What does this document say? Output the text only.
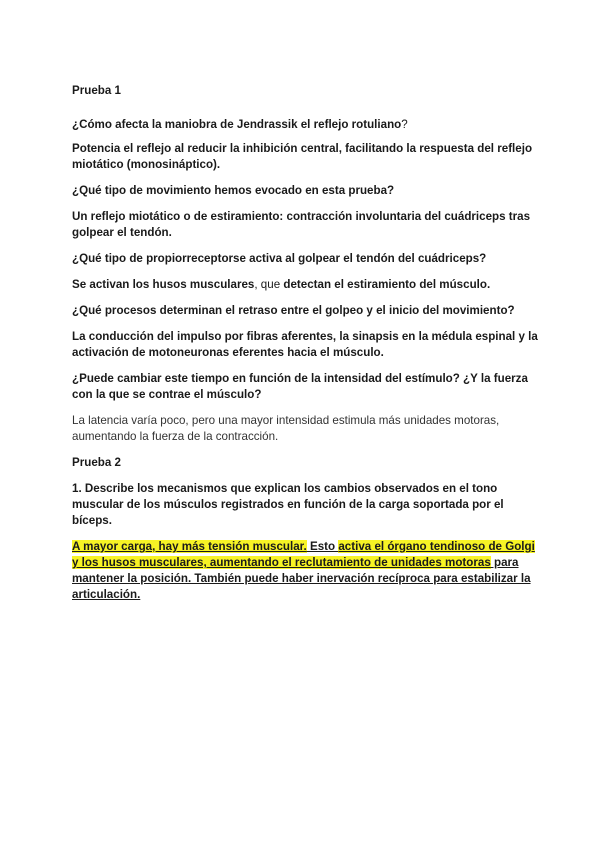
Prueba 1

¿Cómo afecta la maniobra de Jendrassik el reflejo rotuliano?

Potencia el reflejo al reducir la inhibición central, facilitando la respuesta del reflejo miotático (monosináptico).

¿Qué tipo de movimiento hemos evocado en esta prueba?

Un reflejo miotático o de estiramiento: contracción involuntaria del cuádriceps tras golpear el tendón.

¿Qué tipo de propiorreceptorse activa al golpear el tendón del cuádriceps?

Se activan los husos musculares, que detectan el estiramiento del músculo.

¿Qué procesos determinan el retraso entre el golpeo y el inicio del movimiento?

La conducción del impulso por fibras aferentes, la sinapsis en la médula espinal y la activación de motoneuronas eferentes hacia el músculo.

¿Puede cambiar este tiempo en función de la intensidad del estímulo? ¿Y la fuerza con la que se contrae el músculo?

La latencia varía poco, pero una mayor intensidad estimula más unidades motoras, aumentando la fuerza de la contracción.

Prueba 2

1. Describe los mecanismos que explican los cambios observados en el tono muscular de los músculos registrados en función de la carga soportada por el bíceps.

A mayor carga, hay más tensión muscular. Esto activa el órgano tendinoso de Golgi y los husos musculares, aumentando el reclutamiento de unidades motoras para mantener la posición. También puede haber inervación recíproca para estabilizar la articulación.
